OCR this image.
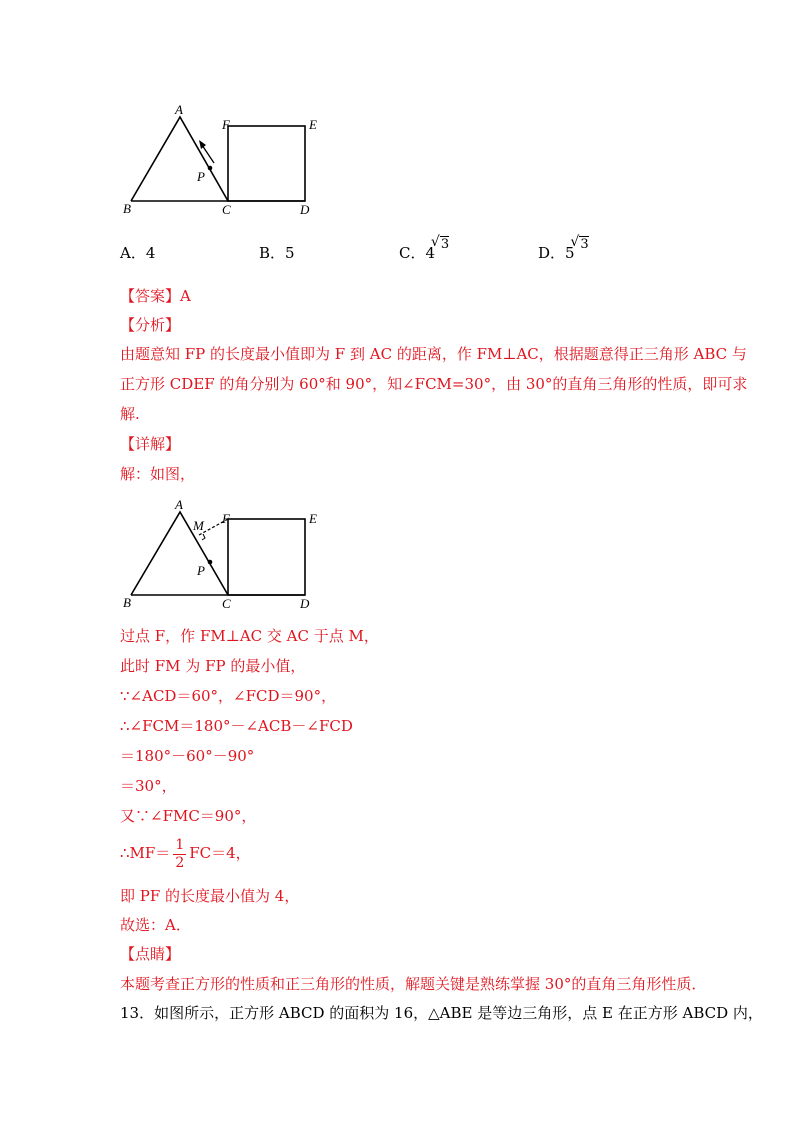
A
B	C	D
E
F
P
A．4	B．5	C．4 √ 3	D．5 √ 3
【答案】A
【分析】
由题意知 FP 的长度最小值即为 F 到 AC 的距离，作 FM⊥AC，根据题意得正三角形 ABC 与
正方形 CDEF 的角分别为 60°和 90°，知∠FCM=30°，由 30°的直角三角形的性质，即可求
解.
【详解】
解：如图，
A
B	C	D
E
F
M
P
过点 F，作 FM⊥AC 交 AC 于点 M，
此时 FM 为 FP 的最小值，
∵∠ACD＝60°，∠FCD＝90°，
∴∠FCM＝180°－∠ACB－∠FCD
＝180°－60°－90°
＝30°，
又∵∠FMC＝90°，
∴MF＝ $\frac{1}{2} FC=4$，
即 PF 的长度最小值为 4，
故选：A．
【点睛】
本题考查正方形的性质和正三角形的性质，解题关键是熟练掌握 30°的直角三角形性质．
13．如图所示，正方形 ABCD 的面积为 16，△ABE 是等边三角形，点 E 在正方形 ABCD 内，
